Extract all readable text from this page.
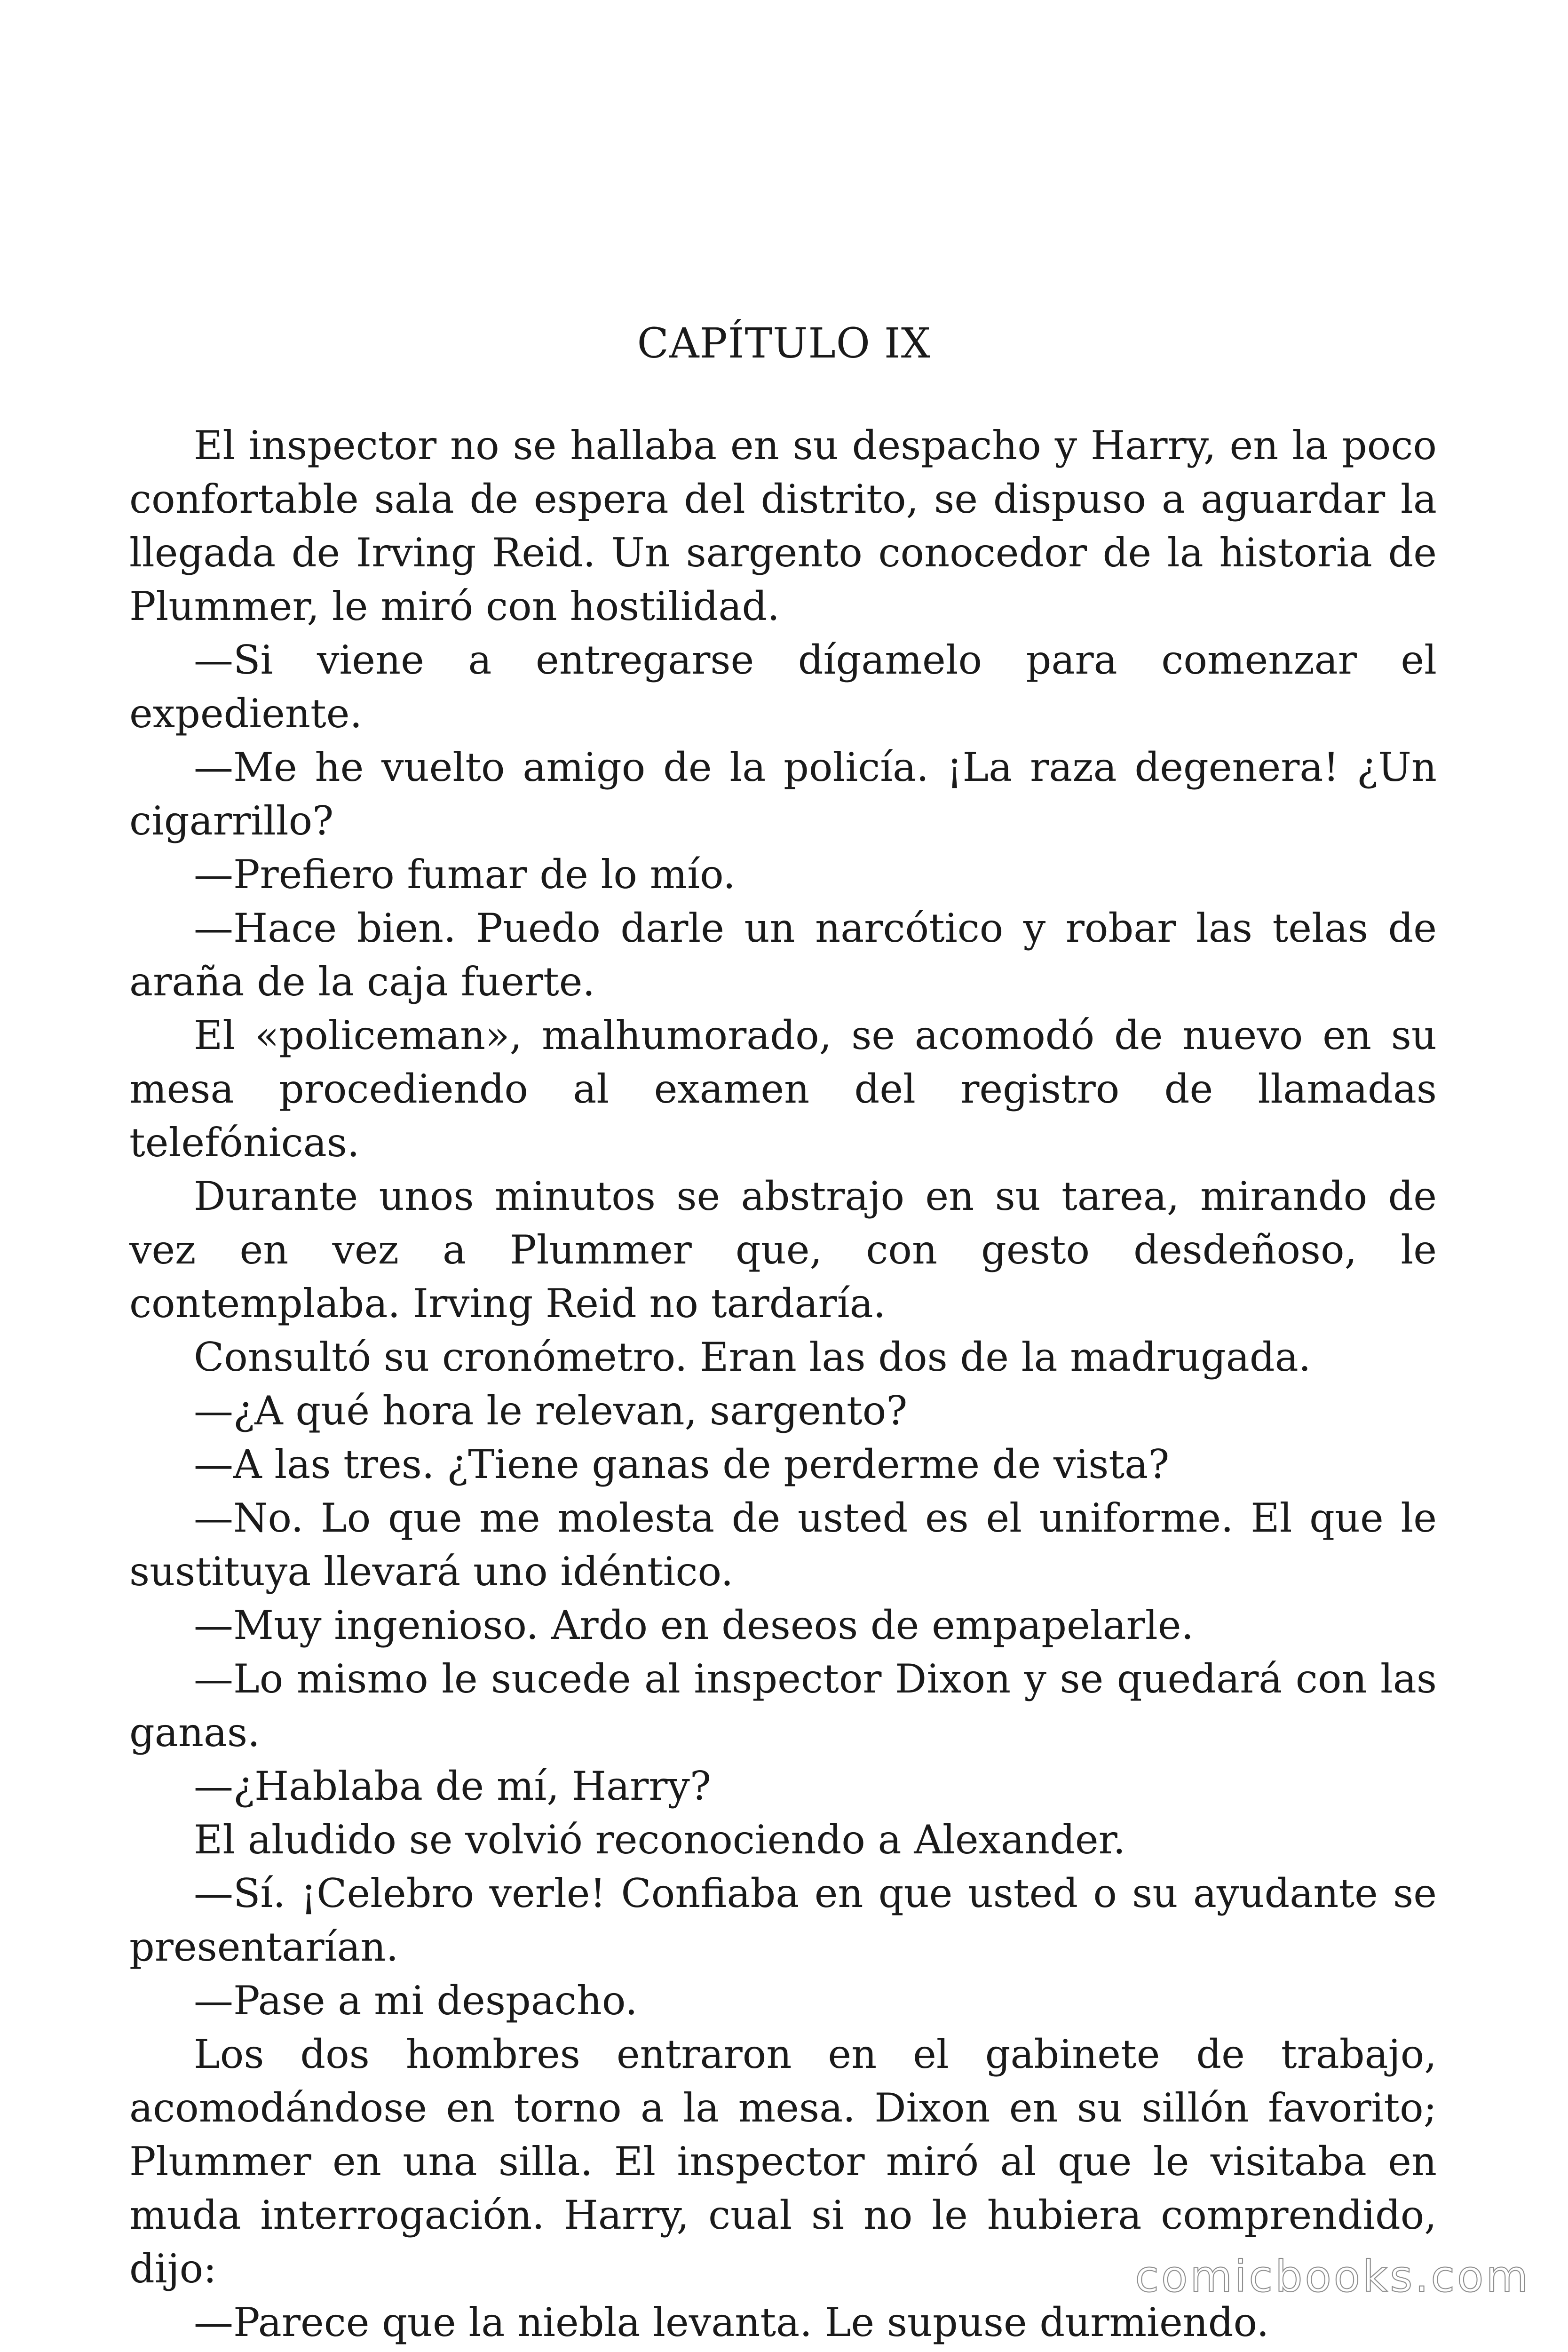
CAPÍTULO IX

El inspector no se hallaba en su despacho y Harry, en la poco confortable sala de espera del distrito, se dispuso a aguardar la llegada de Irving Reid. Un sargento conocedor de la historia de Plummer, le miró con hostilidad.

—Si viene a entregarse dígamelo para comenzar el expediente.

—Me he vuelto amigo de la policía. ¡La raza degenera! ¿Un cigarrillo?

—Prefiero fumar de lo mío.

—Hace bien. Puedo darle un narcótico y robar las telas de araña de la caja fuerte.

El «policeman», malhumorado, se acomodó de nuevo en su mesa procediendo al examen del registro de llamadas telefónicas.

Durante unos minutos se abstrajo en su tarea, mirando de vez en vez a Plummer que, con gesto desdeñoso, le contemplaba. Irving Reid no tardaría.

Consultó su cronómetro. Eran las dos de la madrugada.

—¿A qué hora le relevan, sargento?

—A las tres. ¿Tiene ganas de perderme de vista?

—No. Lo que me molesta de usted es el uniforme. El que le sustituya llevará uno idéntico.

—Muy ingenioso. Ardo en deseos de empapelarle.

—Lo mismo le sucede al inspector Dixon y se quedará con las ganas.

—¿Hablaba de mí, Harry?

El aludido se volvió reconociendo a Alexander.

—Sí. ¡Celebro verle! Confiaba en que usted o su ayudante se presentarían.

—Pase a mi despacho.

Los dos hombres entraron en el gabinete de trabajo, acomodándose en torno a la mesa. Dixon en su sillón favorito; Plummer en una silla. El inspector miró al que le visitaba en muda interrogación. Harry, cual si no le hubiera comprendido, dijo:

—Parece que la niebla levanta. Le supuse durmiendo.

comicbooks.com
